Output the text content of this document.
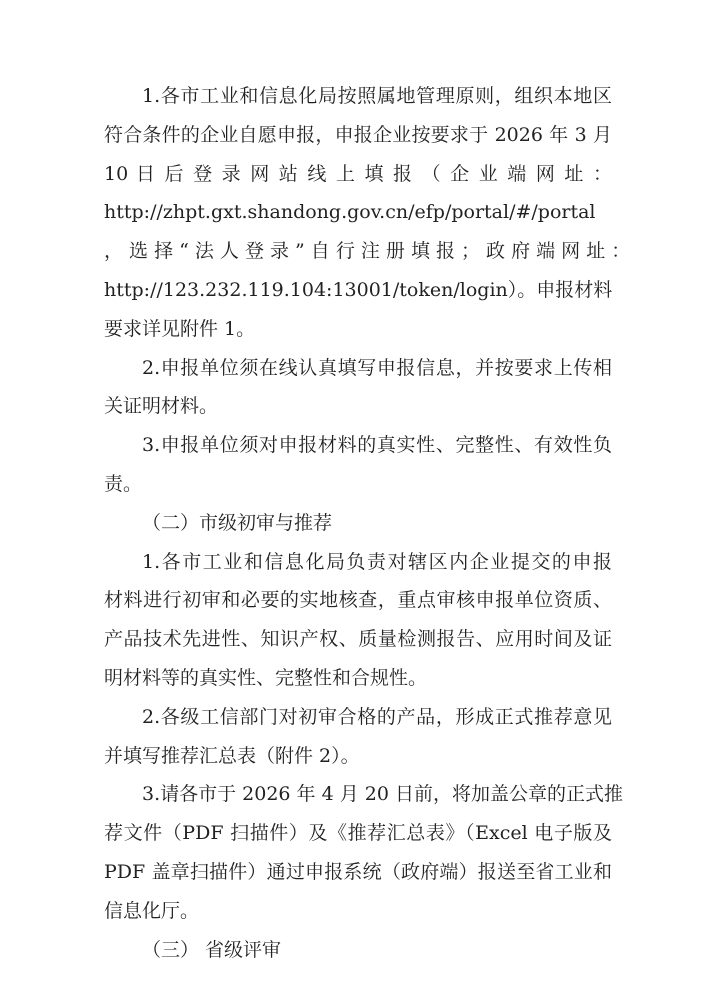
1.各市工业和信息化局按照属地管理原则，组织本地区
符合条件的企业自愿申报，申报企业按要求于 2026 年 3 月
10 日 后 登 录 网 站 线 上 填 报 （ 企 业 端 网 址 ：
http://zhpt.gxt.shandong.gov.cn/efp/portal/#/portal
， 选 择 “ 法 人 登 录 ” 自 行 注 册 填 报 ； 政 府 端 网 址 ：
http://123.232.119.104:13001/token/login）。申报材料
要求详见附件 1。
2.申报单位须在线认真填写申报信息，并按要求上传相
关证明材料。
3.申报单位须对申报材料的真实性、完整性、有效性负
责。
（二）市级初审与推荐
1.各市工业和信息化局负责对辖区内企业提交的申报
材料进行初审和必要的实地核查，重点审核申报单位资质、
产品技术先进性、知识产权、质量检测报告、应用时间及证
明材料等的真实性、完整性和合规性。
2.各级工信部门对初审合格的产品，形成正式推荐意见
并填写推荐汇总表（附件 2）。
3.请各市于 2026 年 4 月 20 日前，将加盖公章的正式推
荐文件（PDF 扫描件）及《推荐汇总表》（Excel 电子版及
PDF 盖章扫描件）通过申报系统（政府端）报送至省工业和
信息化厅。
（三） 省级评审
